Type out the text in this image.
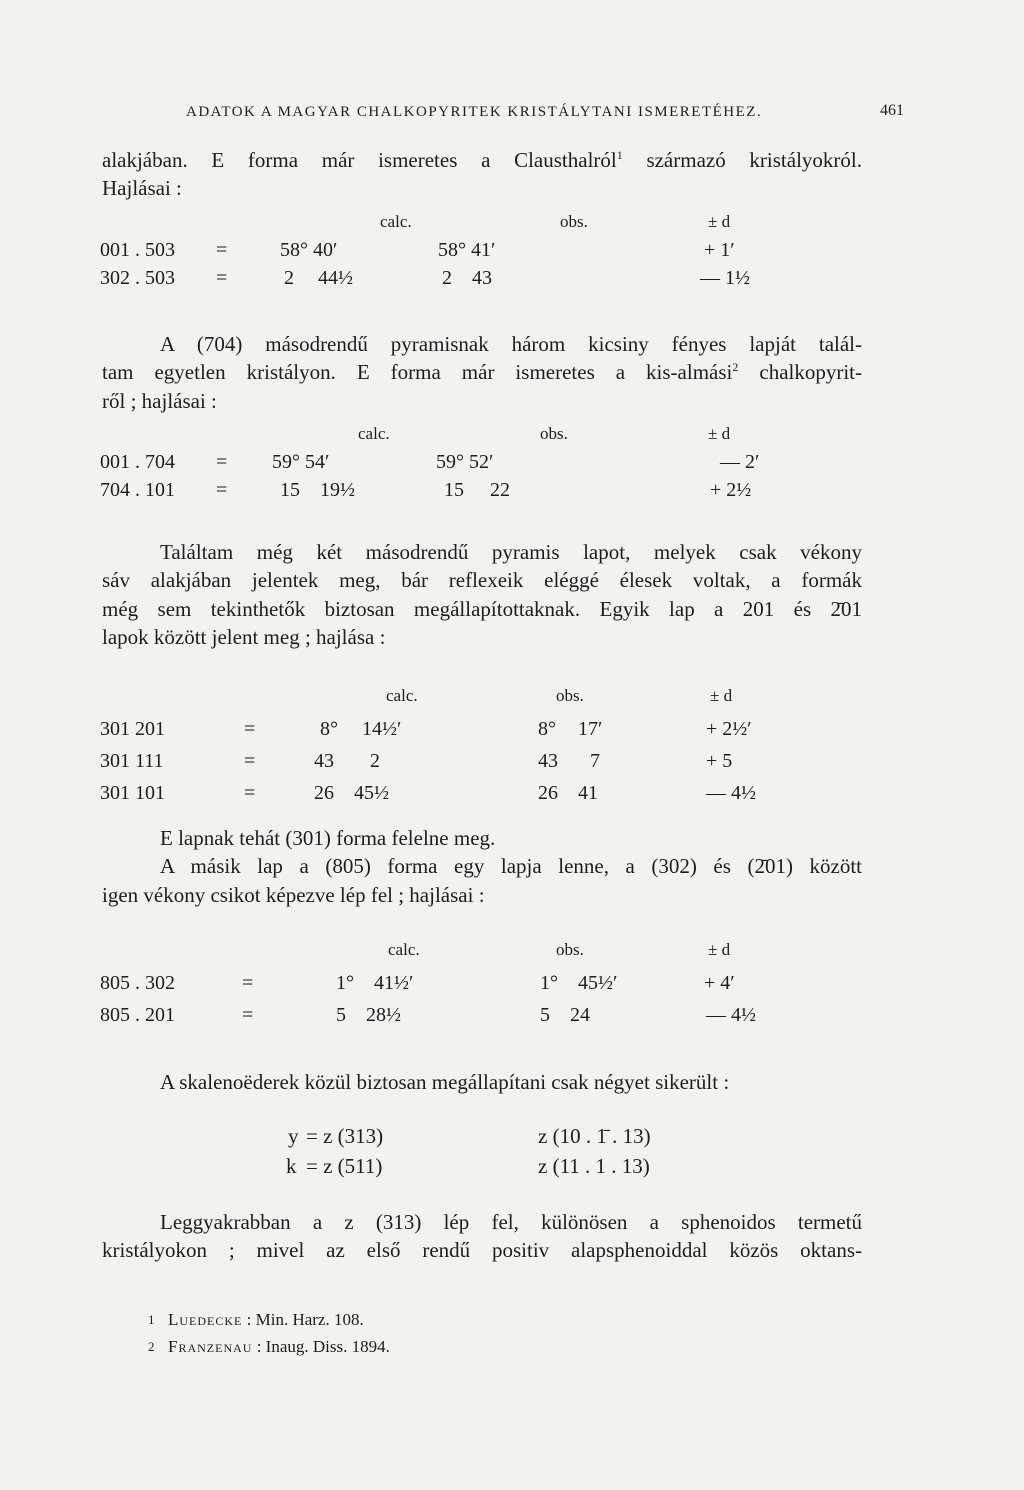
ADATOK A MAGYAR CHALKOPYRITEK KRISTÁLYTANI ISMERETÉHEZ.	461

alakjában. E forma már ismeretes a Clausthalról$^1$ származó kristályokról.
Hajlásai :

calc.	obs.	± d
001 . 503 =	58° 40′	58° 41′	+ 1′
302 . 503 =	2 44½	2 43	— 1½

A (704) másodrendű pyramisnak három kicsiny fényes lapját talál-
tam egyetlen kristályon. E forma már ismeretes a kis-almási$^2$ chalkopyrit-
ről ; hajlásai :

calc.	obs.	± d
001 . 704 = 59° 54′	59° 52′	— 2′
704 . 101 =	15 19½	15 22	+ 2½

Találtam még két másodrendű pyramis lapot, melyek csak vékony
sáv alakjában jelentek meg, bár reflexeik eléggé élesek voltak, a formák
még sem tekinthetők biztosan megállapítottaknak. Egyik lap a 201 és 2̄01
lapok között jelent meg ; hajlása :

calc.	obs.	± d
301 201	=	8° 14½′	8° 17′	+ 2½′
301 111	=	43 2	43 7	+ 5
301 101	=	26 45½	26 41	— 4½

E lapnak tehát (301) forma felelne meg.
A másik lap a (805) forma egy lapja lenne, a (302) és (2̄01) között
igen vékony csikot képezve lép fel ; hajlásai :

calc.	obs.	± d
805 . 302	=	1° 41½′	1° 45½′	+ 4′
805 . 201	=	5 28½	5 24	— 4½

A skalenoëderek közül biztosan megállapítani csak négyet sikerült :

y = z (313)	z (10 . 1̄ . 13)
k = z (511)	z (11 . 1 . 13)

Leggyakrabban a z (313) lép fel, különösen a sphenoidos termetű
kristályokon ; mivel az első rendű positiv alapsphenoiddal közös oktans-

1 Luedecke : Min. Harz. 108.
2 Franzenau : Inaug. Diss. 1894.
